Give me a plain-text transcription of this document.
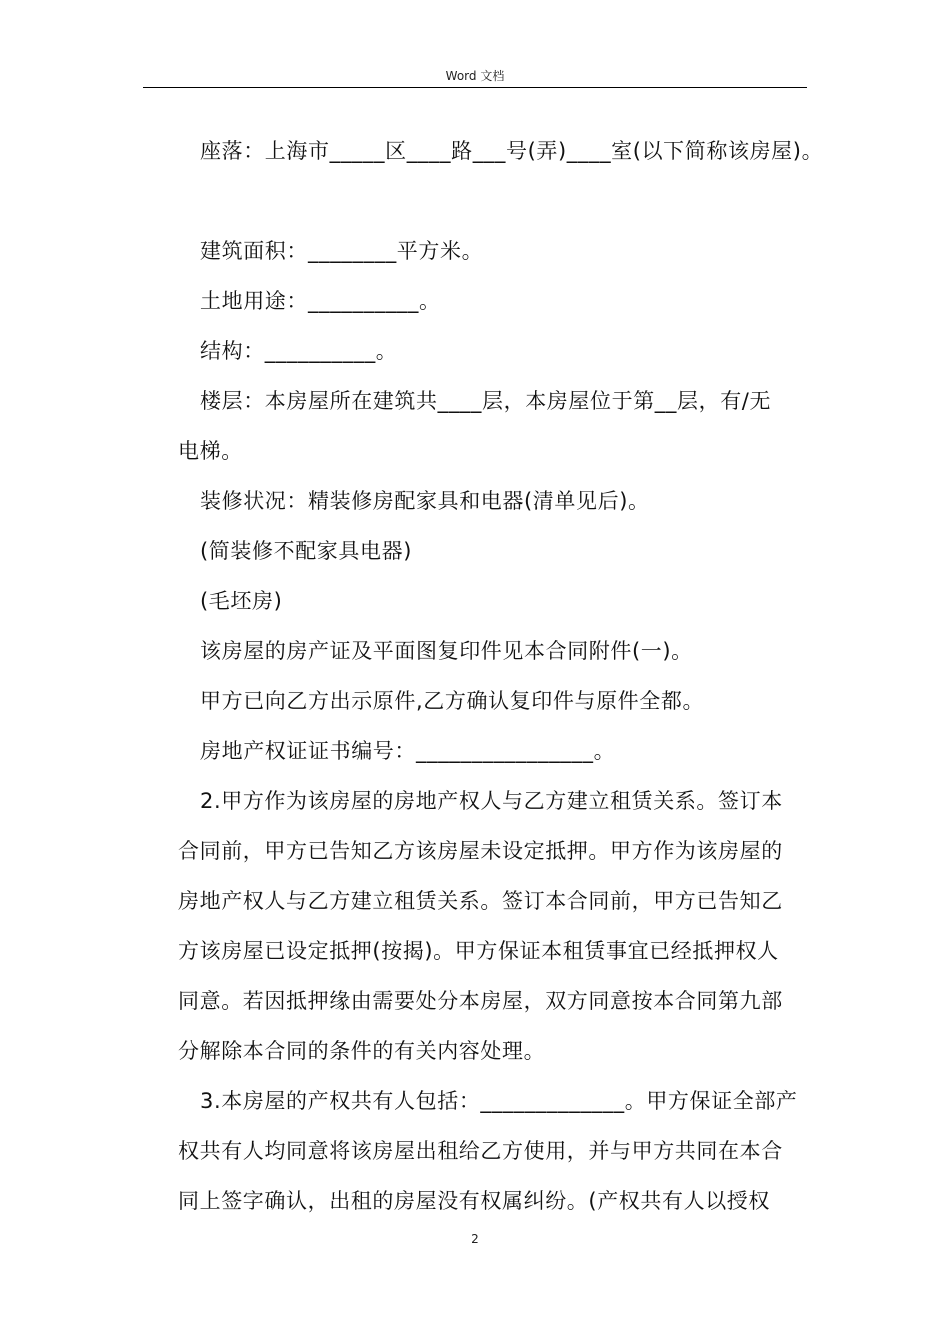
Word 文档

座落：上海市_____区____路___号(弄)____室(以下简称该房屋)。

建筑面积：________平方米。

土地用途：__________。

结构：__________。

楼层：本房屋所在建筑共____层，本房屋位于第__层，有/无

电梯。

装修状况：精装修房配家具和电器(清单见后)。

(简装修不配家具电器)

(毛坯房)

该房屋的房产证及平面图复印件见本合同附件(一)。

甲方已向乙方出示原件,乙方确认复印件与原件全都。

房地产权证证书编号：________________。

2.甲方作为该房屋的房地产权人与乙方建立租赁关系。签订本

合同前，甲方已告知乙方该房屋未设定抵押。甲方作为该房屋的

房地产权人与乙方建立租赁关系。签订本合同前，甲方已告知乙

方该房屋已设定抵押(按揭)。甲方保证本租赁事宜已经抵押权人

同意。若因抵押缘由需要处分本房屋，双方同意按本合同第九部

分解除本合同的条件的有关内容处理。

3.本房屋的产权共有人包括：_____________。甲方保证全部产

权共有人均同意将该房屋出租给乙方使用，并与甲方共同在本合

同上签字确认，出租的房屋没有权属纠纷。(产权共有人以授权

2
